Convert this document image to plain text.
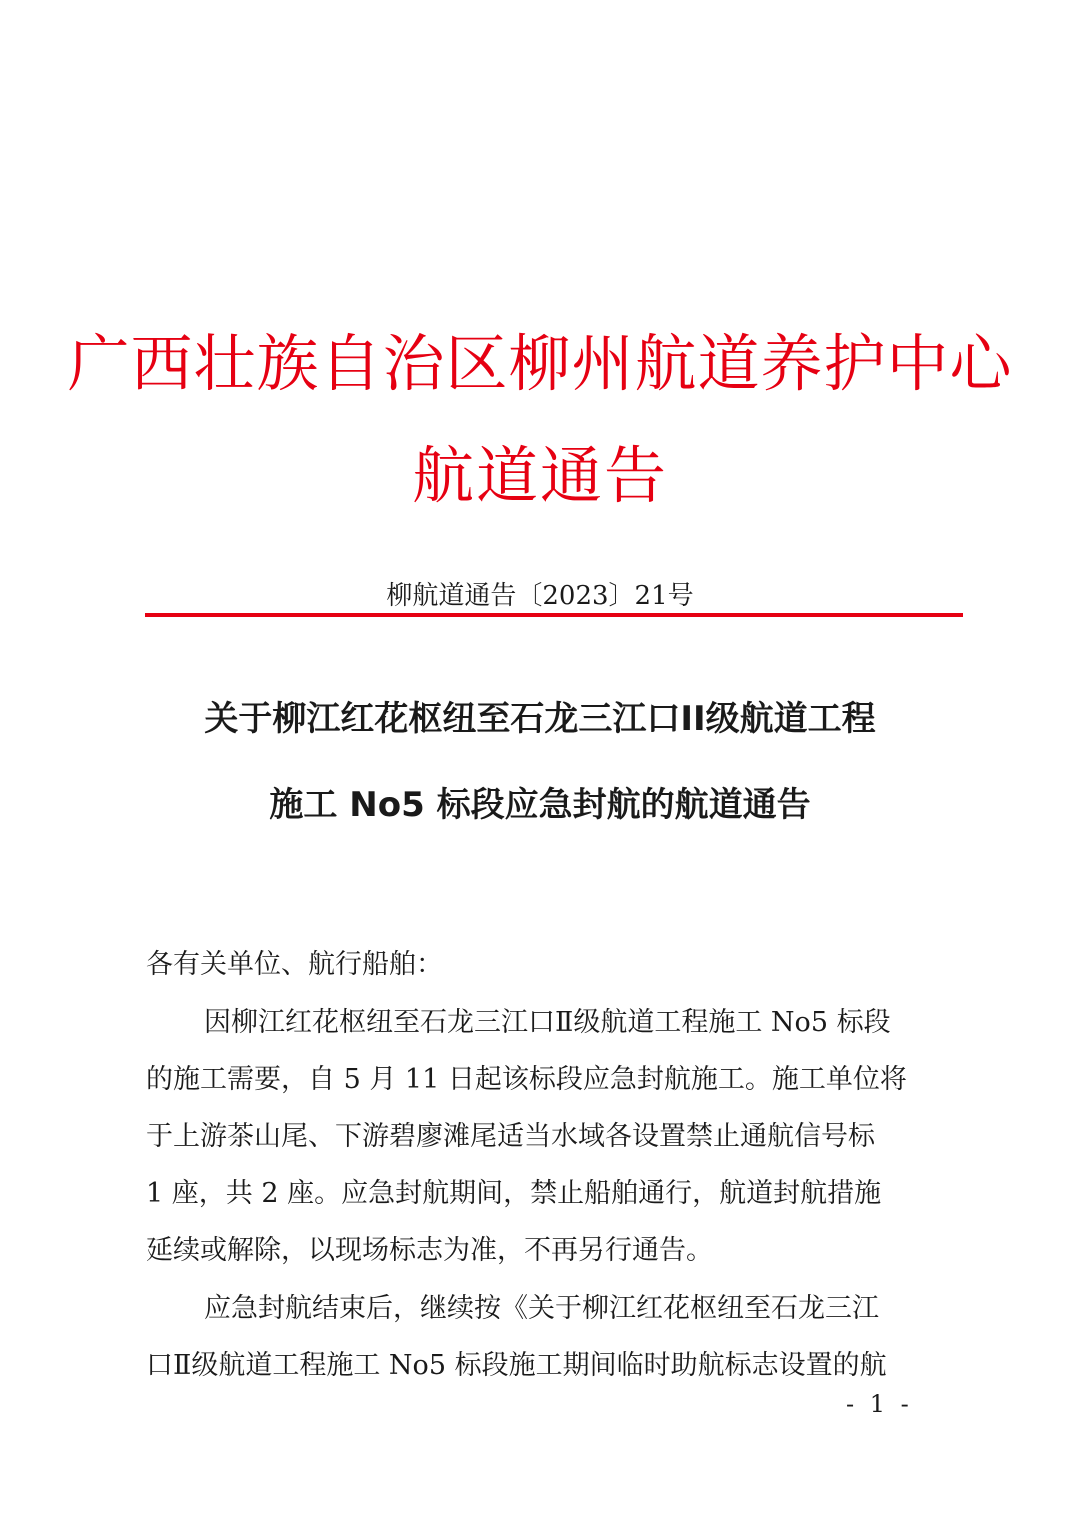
广西壮族自治区柳州航道养护中心
航道通告
柳航道通告〔2023〕21号
关于柳江红花枢纽至石龙三江口II级航道工程
施工 No5 标段应急封航的航道通告
各有关单位、航行船舶：
因柳江红花枢纽至石龙三江口Ⅱ级航道工程施工 No5 标段
的施工需要，自 5 月 11 日起该标段应急封航施工。施工单位将
于上游茶山尾、下游碧廖滩尾适当水域各设置禁止通航信号标
1 座，共 2 座。应急封航期间，禁止船舶通行，航道封航措施
延续或解除，以现场标志为准，不再另行通告。
应急封航结束后，继续按《关于柳江红花枢纽至石龙三江
口Ⅱ级航道工程施工 No5 标段施工期间临时助航标志设置的航
- 1 -
